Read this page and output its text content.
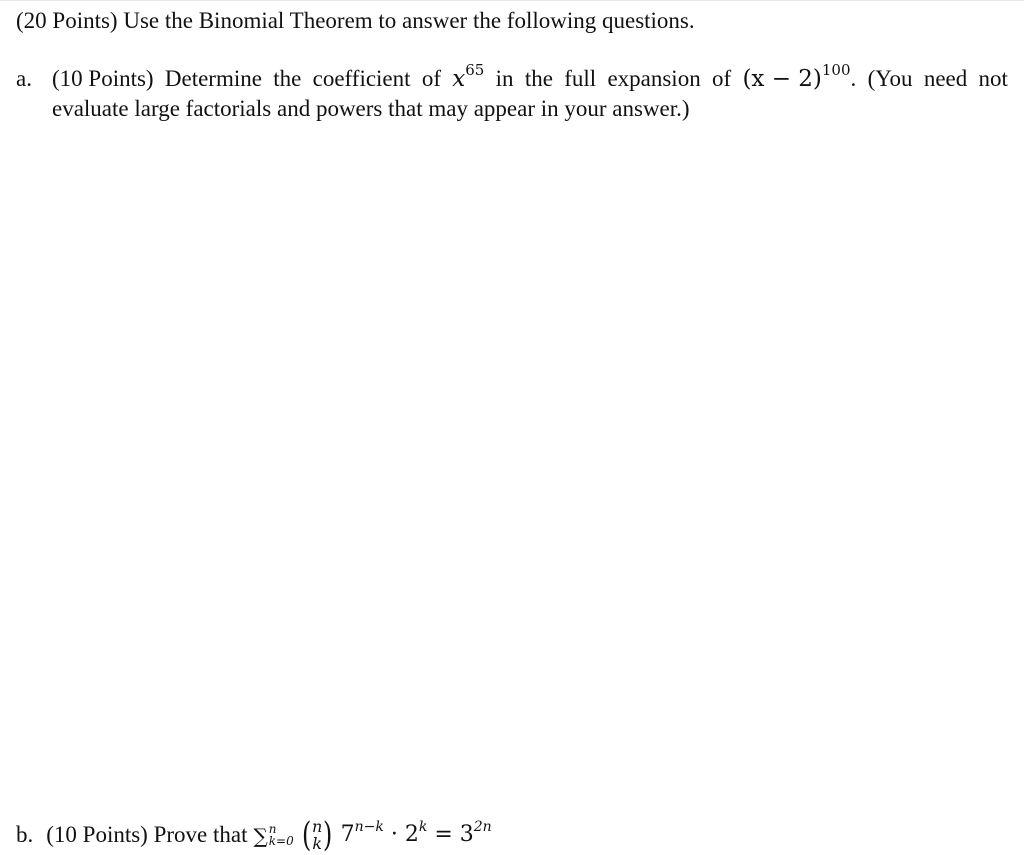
(20 Points) Use the Binomial Theorem to answer the following questions.
a. (10 Points) Determine the coefficient of $x^{65}$ in the full expansion of $(x - 2)^{100}$. (You need not
evaluate large factorials and powers that may appear in your answer.)
b. (10 Points) Prove that ∑ n
k=0 ( n
k ) $7^{n-k} \cdot 2^k = 3^{2n}$
